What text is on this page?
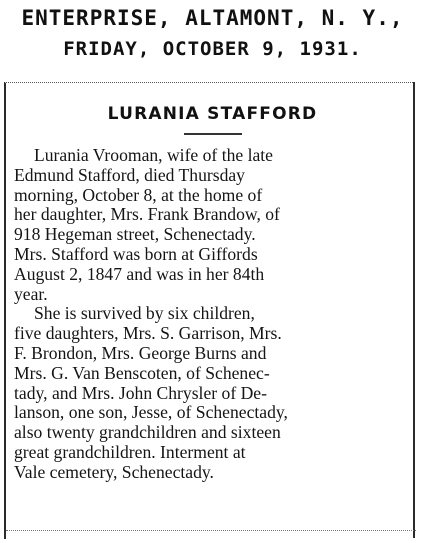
ENTERPRISE, ALTAMONT, N. Y.,
FRIDAY, OCTOBER 9, 1931.
LURANIA STAFFORD

Lurania Vrooman, wife of the late
Edmund Stafford, died Thursday
morning, October 8, at the home of
her daughter, Mrs. Frank Brandow, of
918 Hegeman street, Schenectady.
Mrs. Stafford was born at Giffords
August 2, 1847 and was in her 84th
year.

She is survived by six children,
five daughters, Mrs. S. Garrison, Mrs.
F. Brondon, Mrs. George Burns and
Mrs. G. Van Benscoten, of Schenec-
tady, and Mrs. John Chrysler of De-
lanson, one son, Jesse, of Schenectady,
also twenty grandchildren and sixteen
great grandchildren. Interment at
Vale cemetery, Schenectady.
